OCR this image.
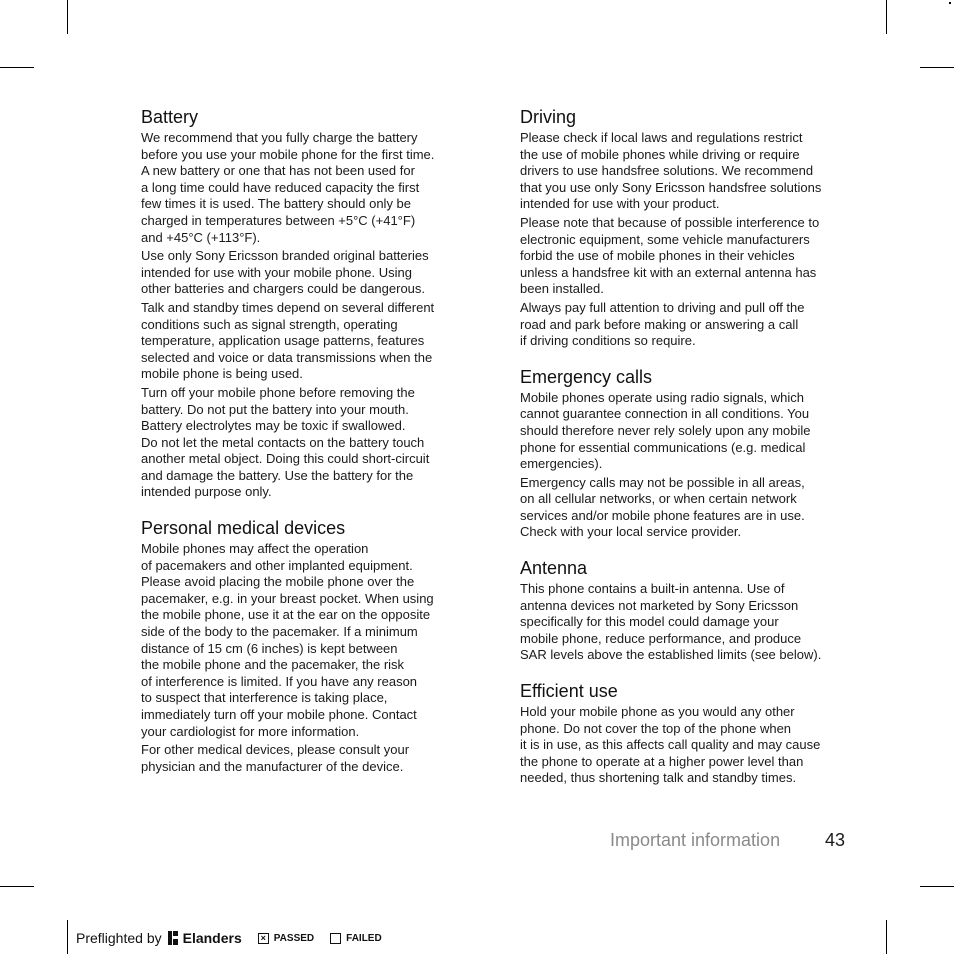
Battery

We recommend that you fully charge the battery
before you use your mobile phone for the first time.
A new battery or one that has not been used for
a long time could have reduced capacity the first
few times it is used. The battery should only be
charged in temperatures between +5°C (+41°F)
and +45°C (+113°F).

Use only Sony Ericsson branded original batteries
intended for use with your mobile phone. Using
other batteries and chargers could be dangerous.

Talk and standby times depend on several different
conditions such as signal strength, operating
temperature, application usage patterns, features
selected and voice or data transmissions when the
mobile phone is being used.

Turn off your mobile phone before removing the
battery. Do not put the battery into your mouth.
Battery electrolytes may be toxic if swallowed.
Do not let the metal contacts on the battery touch
another metal object. Doing this could short-circuit
and damage the battery. Use the battery for the
intended purpose only.

Personal medical devices

Mobile phones may affect the operation
of pacemakers and other implanted equipment.
Please avoid placing the mobile phone over the
pacemaker, e.g. in your breast pocket. When using
the mobile phone, use it at the ear on the opposite
side of the body to the pacemaker. If a minimum
distance of 15 cm (6 inches) is kept between
the mobile phone and the pacemaker, the risk
of interference is limited. If you have any reason
to suspect that interference is taking place,
immediately turn off your mobile phone. Contact
your cardiologist for more information.

For other medical devices, please consult your
physician and the manufacturer of the device.

Driving

Please check if local laws and regulations restrict
the use of mobile phones while driving or require
drivers to use handsfree solutions. We recommend
that you use only Sony Ericsson handsfree solutions
intended for use with your product.

Please note that because of possible interference to
electronic equipment, some vehicle manufacturers
forbid the use of mobile phones in their vehicles
unless a handsfree kit with an external antenna has
been installed.

Always pay full attention to driving and pull off the
road and park before making or answering a call
if driving conditions so require.

Emergency calls

Mobile phones operate using radio signals, which
cannot guarantee connection in all conditions. You
should therefore never rely solely upon any mobile
phone for essential communications (e.g. medical
emergencies).

Emergency calls may not be possible in all areas,
on all cellular networks, or when certain network
services and/or mobile phone features are in use.
Check with your local service provider.

Antenna

This phone contains a built-in antenna. Use of
antenna devices not marketed by Sony Ericsson
specifically for this model could damage your
mobile phone, reduce performance, and produce
SAR levels above the established limits (see below).

Efficient use

Hold your mobile phone as you would any other
phone. Do not cover the top of the phone when
it is in use, as this affects call quality and may cause
the phone to operate at a higher power level than
needed, thus shortening talk and standby times.

Important information 43
Preflighted by Elanders	× PASSED	FAILED
